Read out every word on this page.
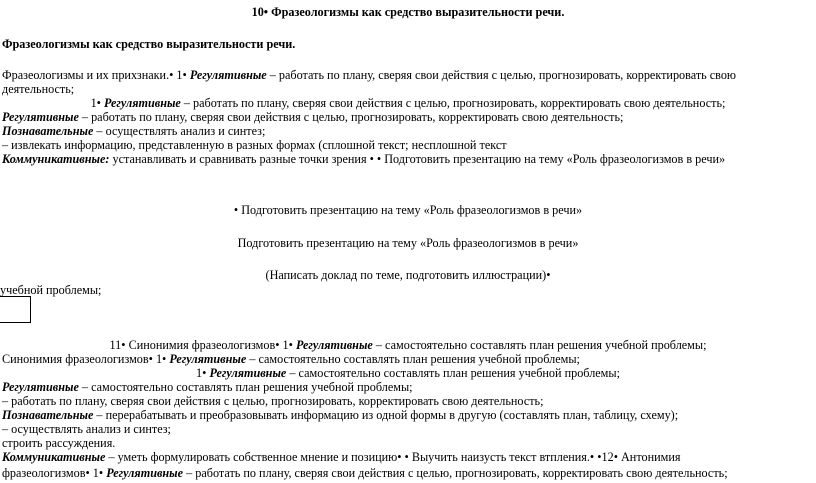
10• Фразеологизмы как средство выразительности речи.
Фразеологизмы как средство выразительности речи.
Фразеологизмы и их прихзнаки.• 1• Регулятивные – работать по плану, сверяя свои действия с целью, прогнозировать, корректировать свою
деятельность;
1• Регулятивные – работать по плану, сверяя свои действия с целью, прогнозировать, корректировать свою деятельность;
Регулятивные – работать по плану, сверяя свои действия с целью, прогнозировать, корректировать свою деятельность;
Познавательные – осуществлять анализ и синтез;
– извлекать информацию, представленную в разных формах (сплошной текст; несплошной текст
Коммуникативные: устанавливать и сравнивать разные точки зрения • • Подготовить презентацию на тему «Роль фразеологизмов в речи»
• Подготовить презентацию на тему «Роль фразеологизмов в речи»
Подготовить презентацию на тему «Роль фразеологизмов в речи»
(Написать доклад по теме, подготовить иллюстрации)•
учебной проблемы;
11• Синонимия фразеологизмов• 1• Регулятивные – самостоятельно составлять план решения учебной проблемы;
Синонимия фразеологизмов• 1• Регулятивные – самостоятельно составлять план решения учебной проблемы;
1• Регулятивные – самостоятельно составлять план решения учебной проблемы;
Регулятивные – самостоятельно составлять план решения учебной проблемы;
– работать по плану, сверяя свои действия с целью, прогнозировать, корректировать свою деятельность;
Познавательные – перерабатывать и преобразовывать информацию из одной формы в другую (составлять план, таблицу, схему);
– осуществлять анализ и синтез;
строить рассуждения.
Коммуникативные – уметь формулировать собственное мнение и позицию• • Выучить наизусть текст втпления.• •12• Антонимия
фразеологизмов• 1• Регулятивные – работать по плану, сверяя свои действия с целью, прогнозировать, корректировать свою деятельность;
